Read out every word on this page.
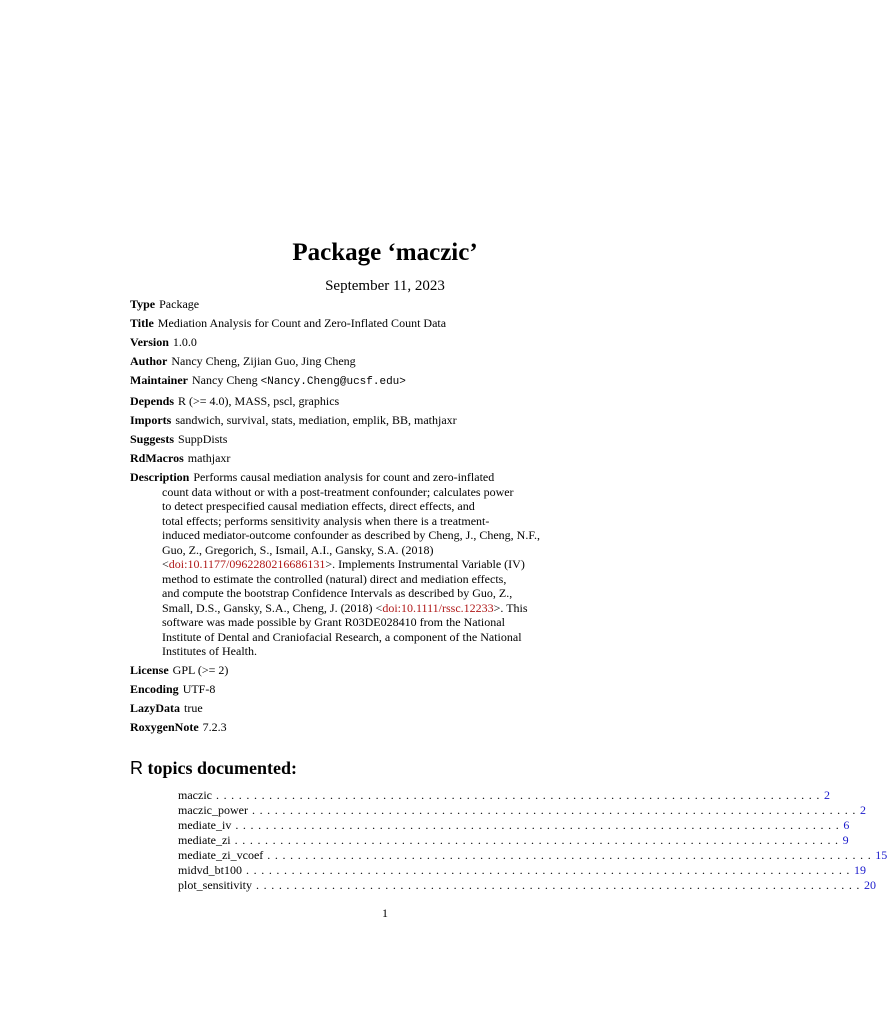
Package ‘maczic’
September 11, 2023
Type Package
Title Mediation Analysis for Count and Zero-Inflated Count Data
Version 1.0.0
Author Nancy Cheng, Zijian Guo, Jing Cheng
Maintainer Nancy Cheng <Nancy.Cheng@ucsf.edu>
Depends R (>= 4.0), MASS, pscl, graphics
Imports sandwich, survival, stats, mediation, emplik, BB, mathjaxr
Suggests SuppDists
RdMacros mathjaxr
Description Performs causal mediation analysis for count and zero-inflated
count data without or with a post-treatment confounder; calculates power
to detect prespecified causal mediation effects, direct effects, and
total effects; performs sensitivity analysis when there is a treatment-
induced mediator-outcome confounder as described by Cheng, J., Cheng, N.F.,
Guo, Z., Gregorich, S., Ismail, A.I., Gansky, S.A. (2018)
<doi:10.1177/0962280216686131>. Implements Instrumental Variable (IV)
method to estimate the controlled (natural) direct and mediation effects,
and compute the bootstrap Confidence Intervals as described by Guo, Z.,
Small, D.S., Gansky, S.A., Cheng, J. (2018) <doi:10.1111/rssc.12233>. This
software was made possible by Grant R03DE028410 from the National
Institute of Dental and Craniofacial Research, a component of the National
Institutes of Health.
License GPL (>= 2)
Encoding UTF-8
LazyData true
RoxygenNote 7.2.3
R topics documented:
maczic ................................................................................ 2
maczic_power ................................................................................ 2
mediate_iv ................................................................................ 6
mediate_zi ................................................................................ 9
mediate_zi_vcoef ................................................................................ 15
midvd_bt100 ................................................................................ 19
plot_sensitivity ................................................................................ 20
1
